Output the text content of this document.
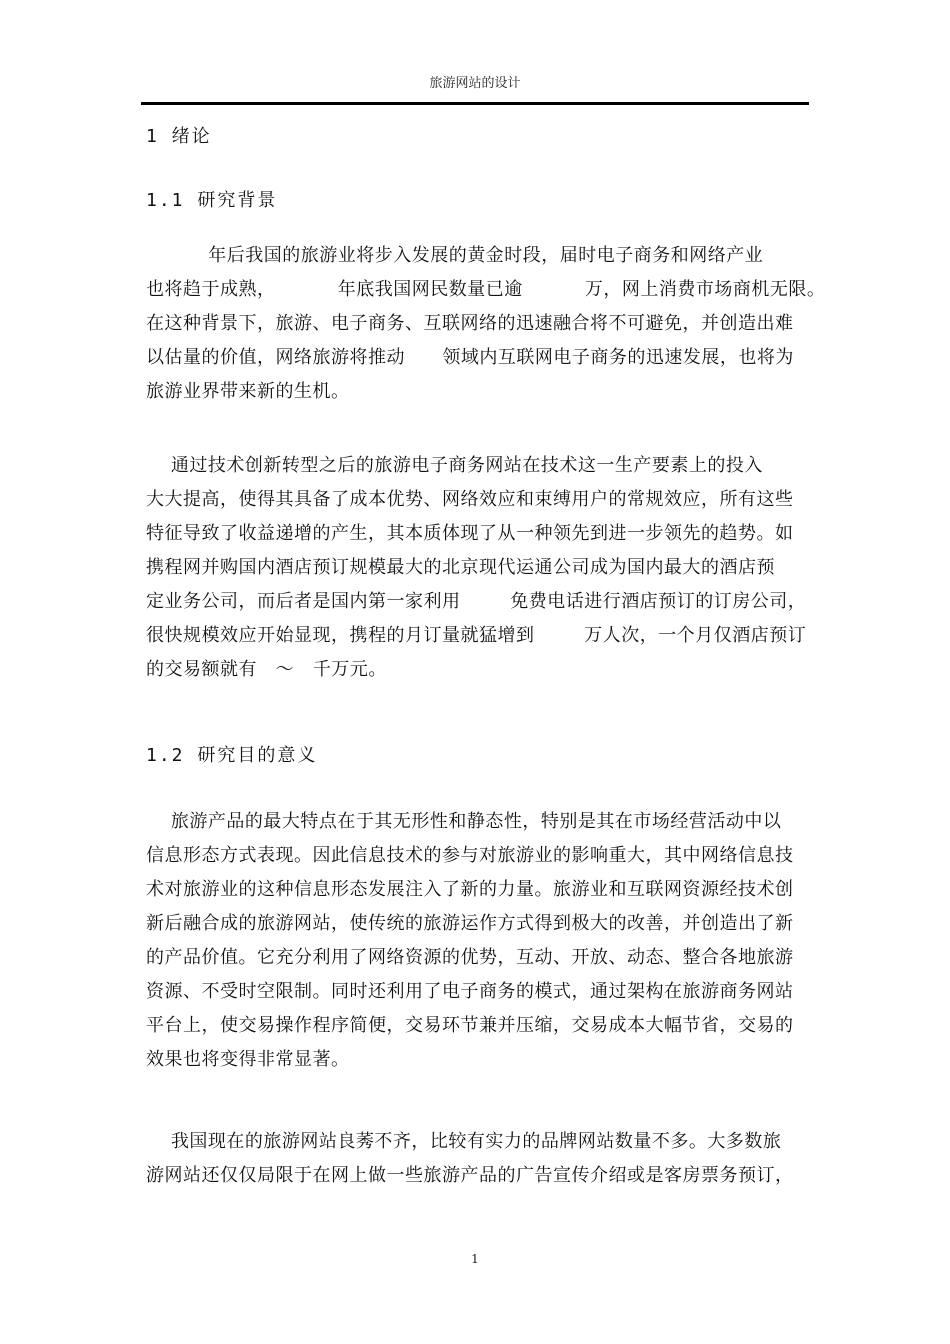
旅游网站的设计
1 绪论
1.1 研究背景
年后我国的旅游业将步入发展的黄金时段，届时电子商务和网络产业
也将趋于成熟，          年底我国网民数量已逾          万，网上消费市场商机无限。
在这种背景下，旅游、电子商务、互联网络的迅速融合将不可避免，并创造出难
以估量的价值，网络旅游将推动      领域内互联网电子商务的迅速发展，也将为
旅游业界带来新的生机。
通过技术创新转型之后的旅游电子商务网站在技术这一生产要素上的投入
大大提高，使得其具备了成本优势、网络效应和束缚用户的常规效应，所有这些
特征导致了收益递增的产生，其本质体现了从一种领先到进一步领先的趋势。如
携程网并购国内酒店预订规模最大的北京现代运通公司成为国内最大的酒店预
定业务公司，而后者是国内第一家利用        免费电话进行酒店预订的订房公司，
很快规模效应开始显现，携程的月订量就猛增到        万人次，一个月仅酒店预订
的交易额就有   ～   千万元。
1.2 研究目的意义
旅游产品的最大特点在于其无形性和静态性，特别是其在市场经营活动中以
信息形态方式表现。因此信息技术的参与对旅游业的影响重大，其中网络信息技
术对旅游业的这种信息形态发展注入了新的力量。旅游业和互联网资源经技术创
新后融合成的旅游网站，使传统的旅游运作方式得到极大的改善，并创造出了新
的产品价值。它充分利用了网络资源的优势，互动、开放、动态、整合各地旅游
资源、不受时空限制。同时还利用了电子商务的模式，通过架构在旅游商务网站
平台上，使交易操作程序简便，交易环节兼并压缩，交易成本大幅节省，交易的
效果也将变得非常显著。
我国现在的旅游网站良莠不齐，比较有实力的品牌网站数量不多。大多数旅
游网站还仅仅局限于在网上做一些旅游产品的广告宣传介绍或是客房票务预订，
1
